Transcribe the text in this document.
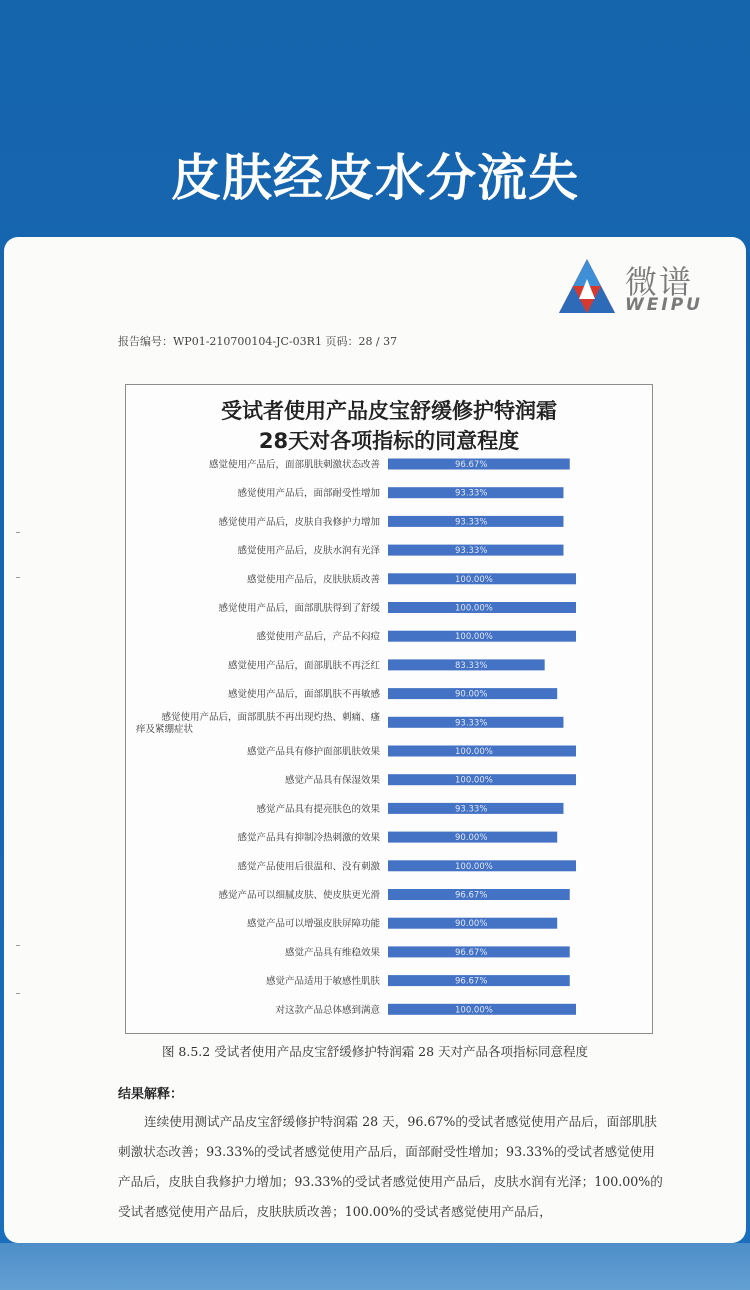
皮肤经皮水分流失
微谱
WEIPU
报告编号：WP01-210700104-JC-03R1 页码：28 / 37
受试者使用产品皮宝舒缓修护特润霜
28天对各项指标的同意程度
96.67%
感觉使用产品后，面部肌肤刺激状态改善
93.33%
感觉使用产品后，面部耐受性增加
93.33%
感觉使用产品后，皮肤自我修护力增加
93.33%
感觉使用产品后，皮肤水润有光泽
100.00%
感觉使用产品后，皮肤肤质改善
100.00%
感觉使用产品后，面部肌肤得到了舒缓
100.00%
感觉使用产品后，产品不闷痘
83.33%
感觉使用产品后，面部肌肤不再泛红
90.00%
感觉使用产品后，面部肌肤不再敏感
93.33%
感觉使用产品后，面部肌肤不再出现灼热、刺痛、瘙
痒及紧绷症状
100.00%
感觉产品具有修护面部肌肤效果
100.00%
感觉产品具有保湿效果
93.33%
感觉产品具有提亮肤色的效果
90.00%
感觉产品具有抑制冷热刺激的效果
100.00%
感觉产品使用后很温和、没有刺激
96.67%
感觉产品可以细腻皮肤、使皮肤更光滑
90.00%
感觉产品可以增强皮肤屏障功能
96.67%
感觉产品具有维稳效果
96.67%
感觉产品适用于敏感性肌肤
100.00%
对这款产品总体感到满意
图 8.5.2 受试者使用产品皮宝舒缓修护特润霜 28 天对产品各项指标同意程度
结果解释：
连续使用测试产品皮宝舒缓修护特润霜 28 天，96.67%的受试者感觉使用产品后，面部肌肤刺激状态改善；93.33%的受试者感觉使用产品后，面部耐受性增加；93.33%的受试者感觉使用产品后，皮肤自我修护力增加；93.33%的受试者感觉使用产品后，皮肤水润有光泽；100.00%的受试者感觉使用产品后，皮肤肤质改善；100.00%的受试者感觉使用产品后，
